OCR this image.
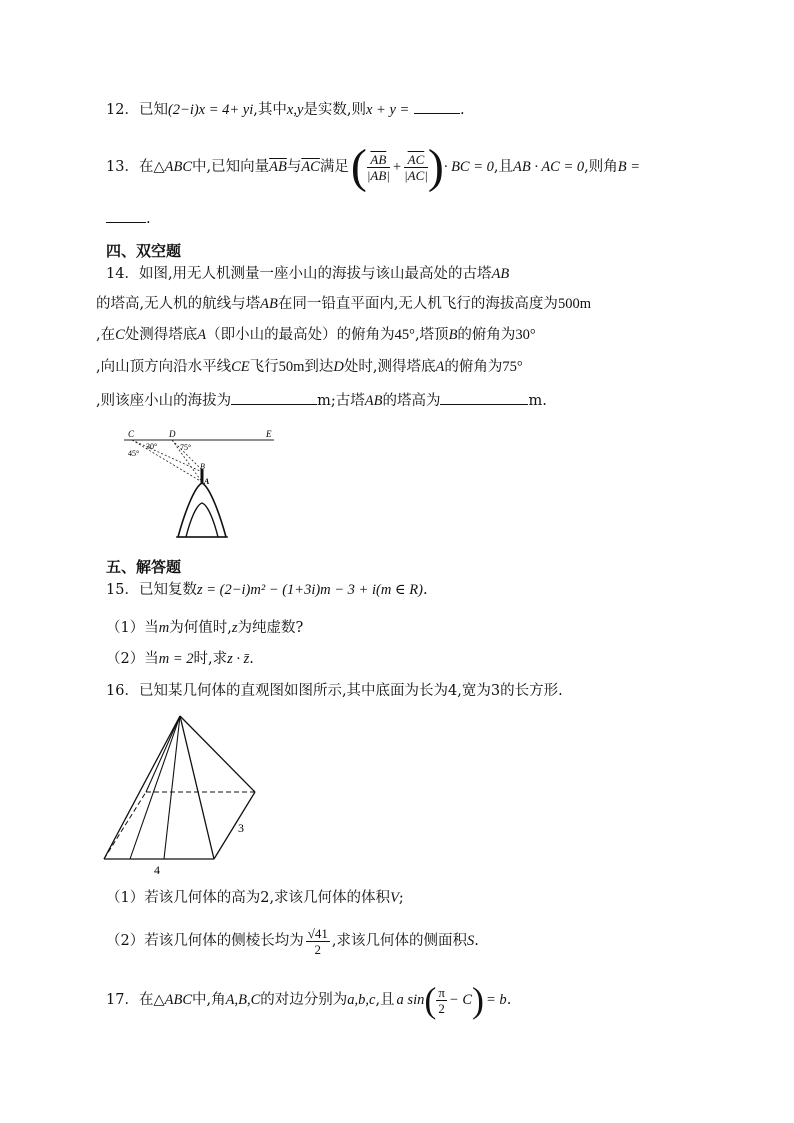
12．已知(2−i)x = 4+ yi,其中x,y是实数,则x + y =	.
13． 在 △ABC 中,已知向量 $\overline{AB}$ 与 $\overline{AC}$ 满足 ( $\frac{\overline{AB}}{|AB|} + \frac{\overline{AC}}{|AC|}$ ) · BC = 0 ,且 AB · AC = 0 ,则角 B =
.
四、双空题
14．如图,用无人机测量一座小山的海拔与该山最高处的古塔AB
的塔高,无人机的航线与塔AB在同一铅直平面内,无人机飞行的海拔高度为500m
,在C处测得塔底A（即小山的最高处）的俯角为45°,塔顶B的俯角为30°
,向山顶方向沿水平线CE飞行50m到达D处时,测得塔底A的俯角为75°
,则该座小山的海拔为	m;古塔AB的塔高为	m.
C	D	E
30°
45°
75°
B
A
五、解答题
15．已知复数z = (2−i)m² − (1+3i)m − 3 + i(m ∈ R).
（1）当m为何值时,z为纯虚数?
（2）当m = 2时,求z · z̄.
16．已知某几何体的直观图如图所示,其中底面为长为4,宽为3的长方形.
4
3
（1）若该几何体的高为2,求该几何体的体积V;
（2）若该几何体的侧棱长均为 $\frac{√41}{2}$ ,求该几何体的侧面积 S .
17． 在 △ABC 中,角 A,B,C 的对边分别为 a,b,c ,且 a sin ( $\frac{\pi}{2} - C$ ) = b .
